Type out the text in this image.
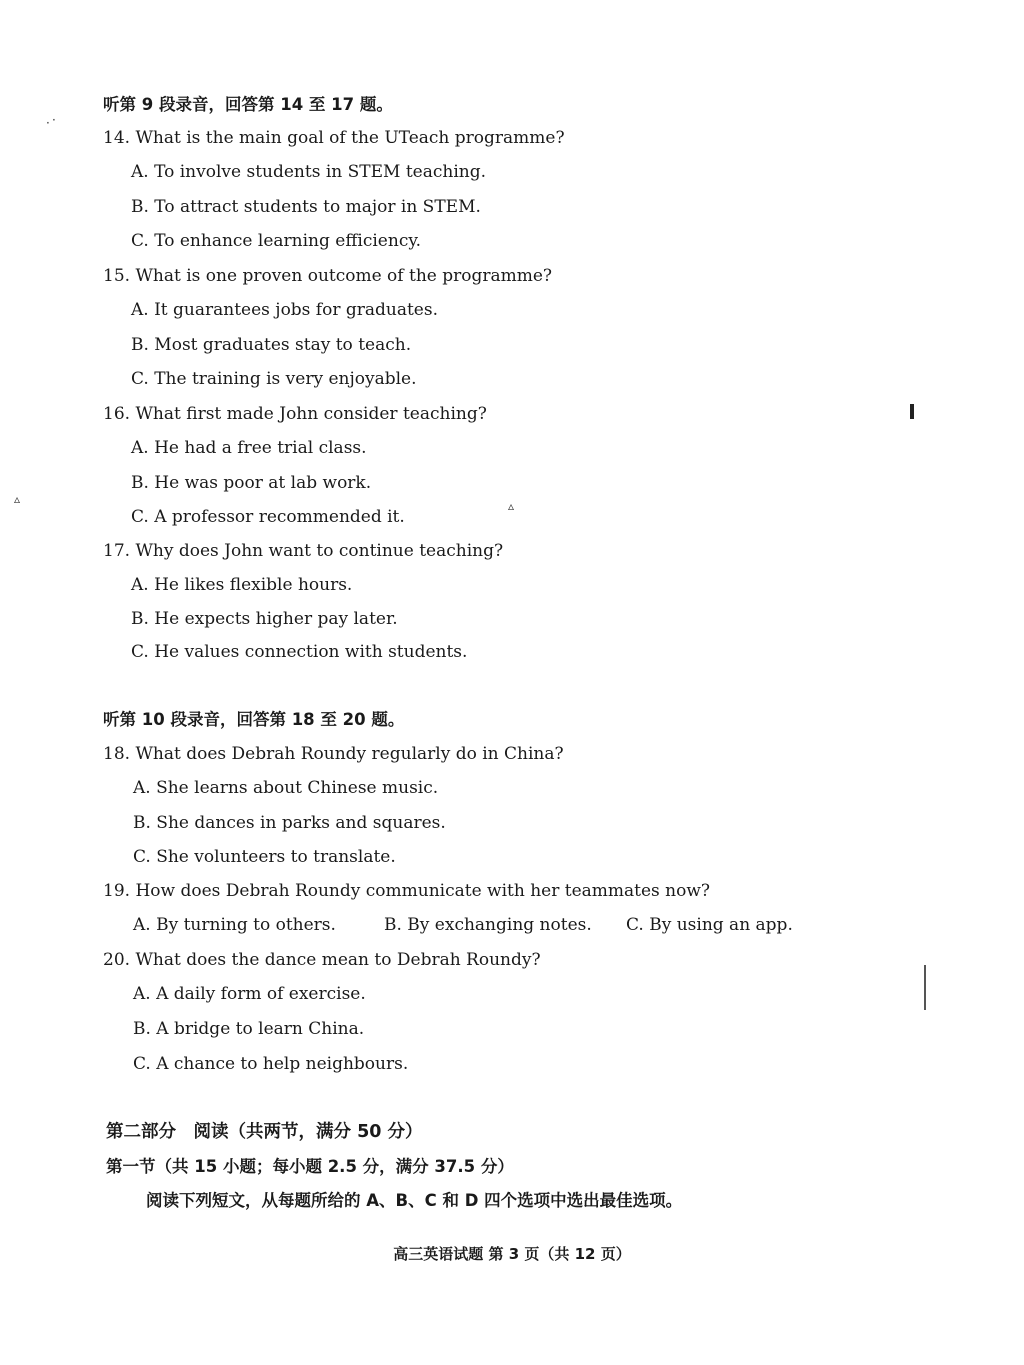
听第 9 段录音，回答第 14 至 17 题。
14. What is the main goal of the UTeach programme?
A. To involve students in STEM teaching.
B. To attract students to major in STEM.
C. To enhance learning efficiency.
15. What is one proven outcome of the programme?
A. It guarantees jobs for graduates.
B. Most graduates stay to teach.
C. The training is very enjoyable.
16. What first made John consider teaching?
A. He had a free trial class.
B. He was poor at lab work.
C. A professor recommended it.
17. Why does John want to continue teaching?
A. He likes flexible hours.
B. He expects higher pay later.
C. He values connection with students.
听第 10 段录音，回答第 18 至 20 题。
18. What does Debrah Roundy regularly do in China?
A. She learns about Chinese music.
B. She dances in parks and squares.
C. She volunteers to translate.
19. How does Debrah Roundy communicate with her teammates now?
A. By turning to others.	B. By exchanging notes. C. By using an app.
20. What does the dance mean to Debrah Roundy?
A. A daily form of exercise.
B. A bridge to learn China.
C. A chance to help neighbours.
第二部分　阅读（共两节，满分 50 分）
第一节（共 15 小题；每小题 2.5 分，满分 37.5 分）
阅读下列短文，从每题所给的 A、B、C 和 D 四个选项中选出最佳选项。
高三英语试题 第 3 页（共 12 页）
· ·
▵	▵
